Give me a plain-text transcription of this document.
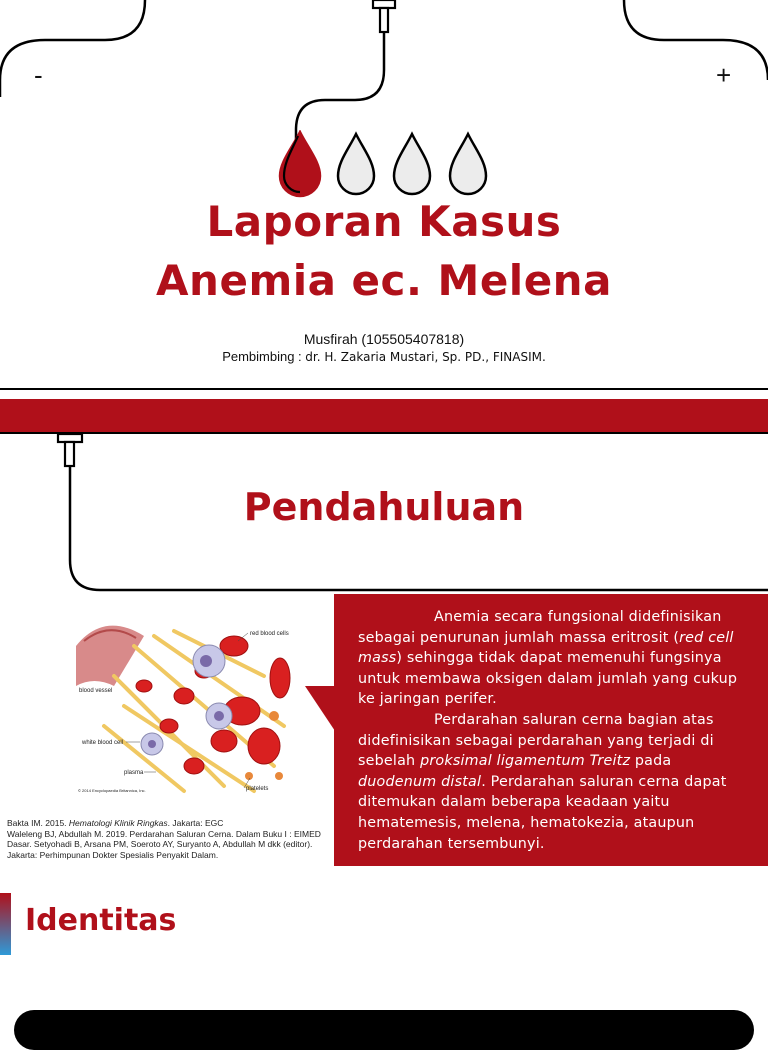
-	+
Laporan Kasus
Anemia ec. Melena
Musfirah (105505407818)
Pembimbing : dr. H. Zakaria Mustari, Sp. PD., FINASIM.
Pendahuluan
red blood cells
blood vessel
white blood cell
plasma
platelets
© 2014 Encyclopaedia Britannica, Inc.
Bakta IM. 2015. Hematologi Klinik Ringkas. Jakarta: EGC
Waleleng BJ, Abdullah M. 2019. Perdarahan Saluran Cerna. Dalam Buku I : EIMED Dasar. Setyohadi B, Arsana PM, Soeroto AY, Suryanto A, Abdullah M dkk (editor). Jakarta: Perhimpunan Dokter Spesialis Penyakit Dalam.

Anemia secara fungsional didefinisikan sebagai penurunan jumlah massa eritrosit (red cell mass) sehingga tidak dapat memenuhi fungsinya untuk membawa oksigen dalam jumlah yang cukup ke jaringan perifer.

Perdarahan saluran cerna bagian atas didefinisikan sebagai perdarahan yang terjadi di sebelah proksimal ligamentum Treitz pada duodenum distal. Perdarahan saluran cerna dapat ditemukan dalam beberapa keadaan yaitu hematemesis, melena, hematokezia, ataupun perdarahan tersembunyi.

Identitas
